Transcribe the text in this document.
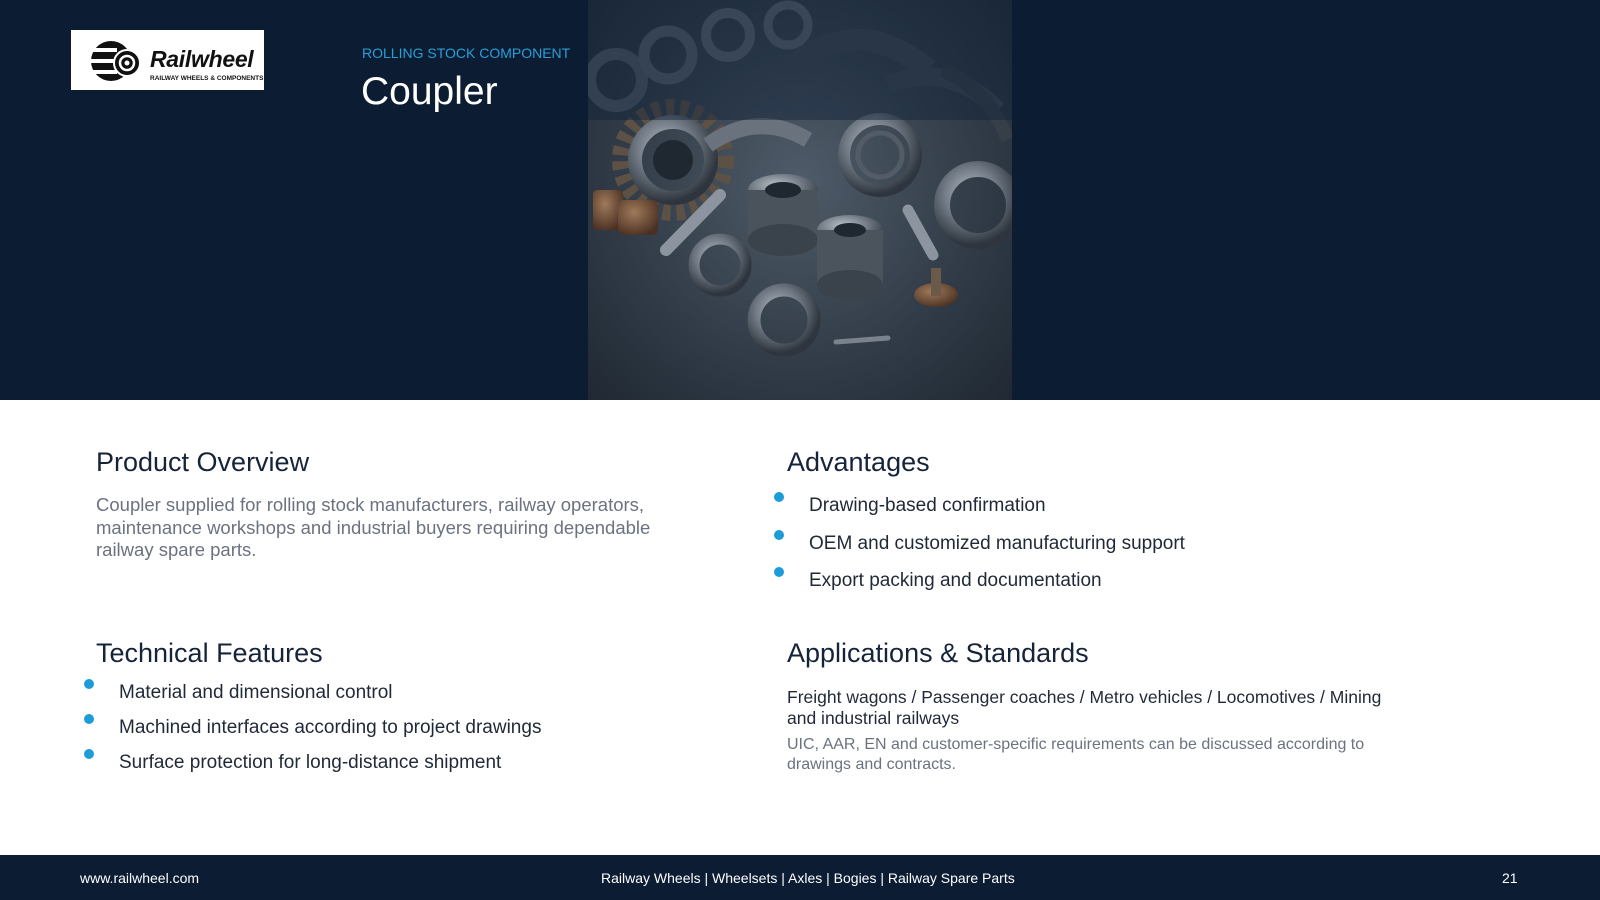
Railwheel
RAILWAY WHEELS & COMPONENTS
ROLLING STOCK COMPONENT
Coupler
Product Overview

Coupler supplied for rolling stock manufacturers, railway operators, maintenance workshops and industrial buyers requiring dependable railway spare parts.

Advantages
Drawing-based confirmation
OEM and customized manufacturing support
Export packing and documentation
Technical Features
Material and dimensional control
Machined interfaces according to project drawings
Surface protection for long-distance shipment
Applications & Standards
Freight wagons / Passenger coaches / Metro vehicles / Locomotives / Mining and industrial railways
UIC, AAR, EN and customer-specific requirements can be discussed according to drawings and contracts.
www.railwheel.com	Railway Wheels | Wheelsets | Axles | Bogies | Railway Spare Parts	21
